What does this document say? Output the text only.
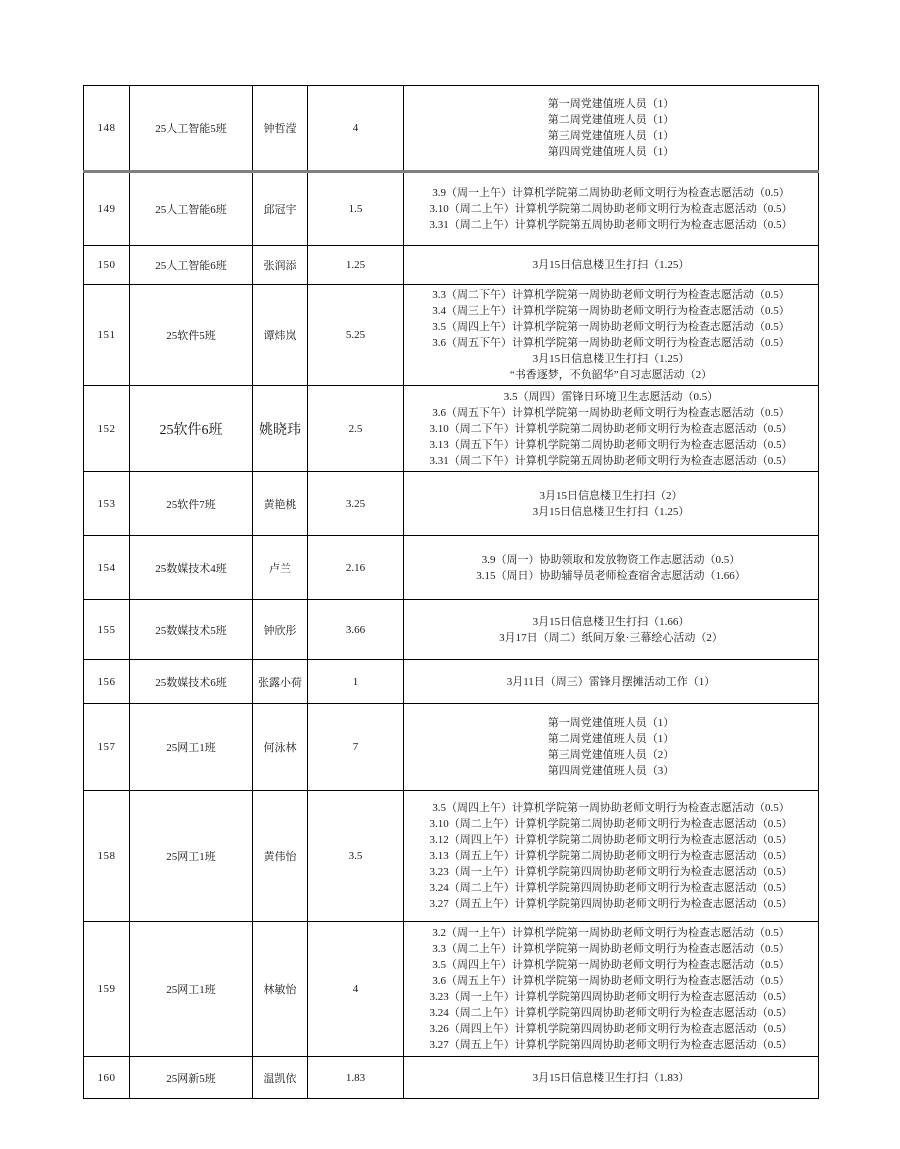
148	25人工智能5班	钟哲滢	4	第一周党建值班人员（1）
第二周党建值班人员（1）
第三周党建值班人员（1）
第四周党建值班人员（1）

149	25人工智能6班	邱冠宇	1.5	3.9（周一上午）计算机学院第二周协助老师文明行为检查志愿活动（0.5）
3.10（周二上午）计算机学院第二周协助老师文明行为检查志愿活动（0.5）
3.31（周二上午）计算机学院第五周协助老师文明行为检查志愿活动（0.5）

150	25人工智能6班	张润添	1.25	3月15日信息楼卫生打扫（1.25）

151	25软件5班	谭炜岚	5.25	
3.3（周二下午）计算机学院第一周协助老师文明行为检查志愿活动（0.5）
3.4（周三上午）计算机学院第一周协助老师文明行为检查志愿活动（0.5）
3.5（周四上午）计算机学院第一周协助老师文明行为检查志愿活动（0.5）
3.6（周五下午）计算机学院第一周协助老师文明行为检查志愿活动（0.5）
3月15日信息楼卫生打扫（1.25）
“书香逐梦，不负韶华”自习志愿活动（2）

152	25软件6班	姚晓玮	2.5	3.5（周四）雷锋日环境卫生志愿活动（0.5）
3.6（周五下午）计算机学院第一周协助老师文明行为检查志愿活动（0.5）
3.10（周二下午）计算机学院第二周协助老师文明行为检查志愿活动（0.5）
3.13（周五下午）计算机学院第二周协助老师文明行为检查志愿活动（0.5）
3.31（周二下午）计算机学院第五周协助老师文明行为检查志愿活动（0.5）

153	25软件7班	黄艳桃	3.25	3月15日信息楼卫生打扫（2）
3月15日信息楼卫生打扫（1.25）

154	25数媒技术4班	卢兰	2.16	3.9（周一）协助领取和发放物资工作志愿活动（0.5）
3.15（周日）协助辅导员老师检查宿舍志愿活动（1.66）

155	25数媒技术5班	钟欣彤	3.66	3月15日信息楼卫生打扫（1.66）
3月17日（周二）纸间万象·三幕绘心活动（2）

156	25数媒技术6班	张露小荷	1	3月11日（周三）雷锋月摆摊活动工作（1）

157	25网工1班	何泳林	7	第一周党建值班人员（1）
第二周党建值班人员（1）
第三周党建值班人员（2）
第四周党建值班人员（3）

158	25网工1班	黄伟怡	3.5	
3.5（周四上午）计算机学院第一周协助老师文明行为检查志愿活动（0.5）
3.10（周二上午）计算机学院第二周协助老师文明行为检查志愿活动（0.5）
3.12（周四上午）计算机学院第二周协助老师文明行为检查志愿活动（0.5）
3.13（周五上午）计算机学院第二周协助老师文明行为检查志愿活动（0.5）
3.23（周一上午）计算机学院第四周协助老师文明行为检查志愿活动（0.5）
3.24（周二上午）计算机学院第四周协助老师文明行为检查志愿活动（0.5）
3.27（周五上午）计算机学院第四周协助老师文明行为检查志愿活动（0.5）

159	25网工1班	林敏怡	4	
3.2（周一上午）计算机学院第一周协助老师文明行为检查志愿活动（0.5）
3.3（周二上午）计算机学院第一周协助老师文明行为检查志愿活动（0.5）
3.5（周四上午）计算机学院第一周协助老师文明行为检查志愿活动（0.5）
3.6（周五上午）计算机学院第一周协助老师文明行为检查志愿活动（0.5）
3.23（周一上午）计算机学院第四周协助老师文明行为检查志愿活动（0.5）
3.24（周二上午）计算机学院第四周协助老师文明行为检查志愿活动（0.5）
3.26（周四上午）计算机学院第四周协助老师文明行为检查志愿活动（0.5）
3.27（周五上午）计算机学院第四周协助老师文明行为检查志愿活动（0.5）

160	25网新5班	温凯依	1.83	3月15日信息楼卫生打扫（1.83）
